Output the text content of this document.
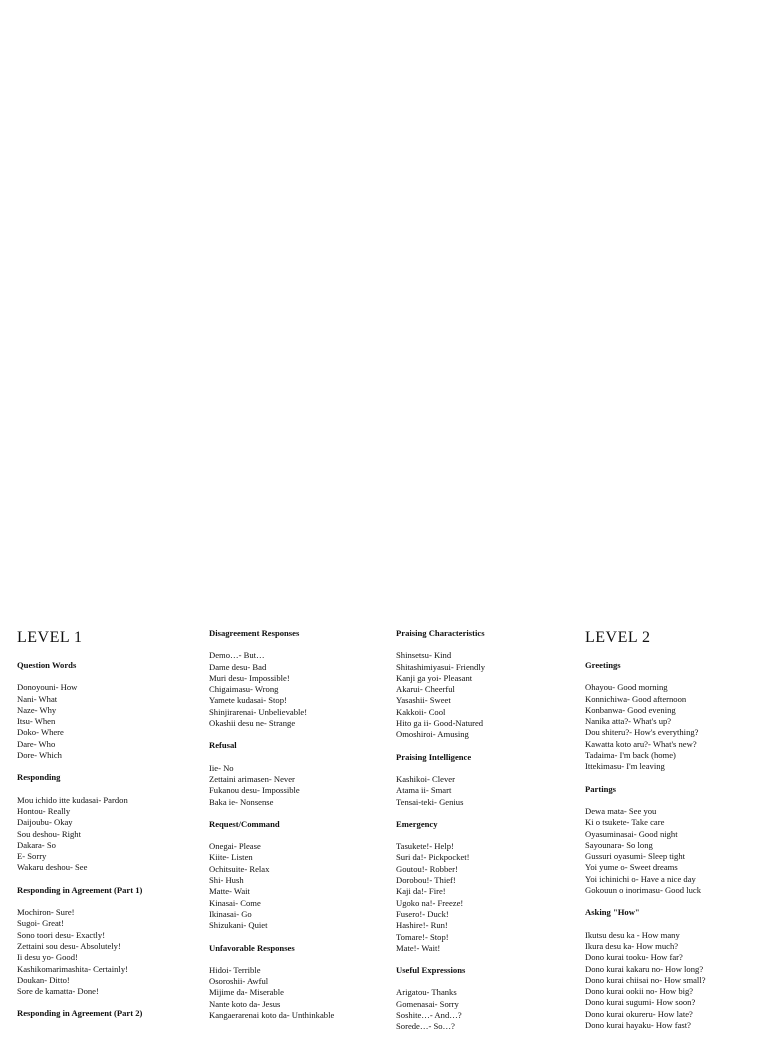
LEVEL 1
Question Words
Donoyouni- How
Nani- What
Naze- Why
Itsu- When
Doko- Where
Dare- Who
Dore- Which
Responding
Mou ichido itte kudasai- Pardon
Hontou- Really
Daijoubu- Okay
Sou deshou- Right
Dakara- So
E- Sorry
Wakaru deshou- See
Responding in Agreement (Part 1)
Mochiron- Sure!
Sugoi- Great!
Sono toori desu- Exactly!
Zettaini sou desu- Absolutely!
Ii desu yo- Good!
Kashikomarimashita- Certainly!
Doukan- Ditto!
Sore de kamatta- Done!
Responding in Agreement (Part 2)
Disagreement Responses
Demo…- But…
Dame desu- Bad
Muri desu- Impossible!
Chigaimasu- Wrong
Yamete kudasai- Stop!
Shinjirarenai- Unbelievable!
Okashii desu ne- Strange
Refusal
Iie- No
Zettaini arimasen- Never
Fukanou desu- Impossible
Baka ie- Nonsense
Request/Command
Onegai- Please
Kiite- Listen
Ochitsuite- Relax
Shi- Hush
Matte- Wait
Kinasai- Come
Ikinasai- Go
Shizukani- Quiet
Unfavorable Responses
Hidoi- Terrible
Osoroshii- Awful
Mijime da- Miserable
Nante koto da- Jesus
Kangaerarenai koto da- Unthinkable
Praising Characteristics
Shinsetsu- Kind
Shitashimiyasui- Friendly
Kanji ga yoi- Pleasant
Akarui- Cheerful
Yasashii- Sweet
Kakkoii- Cool
Hito ga ii- Good-Natured
Omoshiroi- Amusing
Praising Intelligence
Kashikoi- Clever
Atama ii- Smart
Tensai-teki- Genius
Emergency
Tasukete!- Help!
Suri da!- Pickpocket!
Goutou!- Robber!
Dorobou!- Thief!
Kaji da!- Fire!
Ugoko na!- Freeze!
Fusero!- Duck!
Hashire!- Run!
Tomare!- Stop!
Mate!- Wait!
Useful Expressions
Arigatou- Thanks
Gomenasai- Sorry
Soshite…- And…?
Sorede…- So…?
LEVEL 2
Greetings
Ohayou- Good morning
Konnichiwa- Good afternoon
Konbanwa- Good evening
Nanika atta?- What's up?
Dou shiteru?- How's everything?
Kawatta koto aru?- What's new?
Tadaima- I'm back (home)
Ittekimasu- I'm leaving
Partings
Dewa mata- See you
Ki o tsukete- Take care
Oyasuminasai- Good night
Sayounara- So long
Gussuri oyasumi- Sleep tight
Yoi yume o- Sweet dreams
Yoi ichinichi o- Have a nice day
Gokouun o inorimasu- Good luck
Asking "How"
Ikutsu desu ka - How many
Ikura desu ka- How much?
Dono kurai tooku- How far?
Dono kurai kakaru no- How long?
Dono kurai chiisai no- How small?
Dono kurai ookii no- How big?
Dono kurai sugumi- How soon?
Dono kurai okureru- How late?
Dono kurai hayaku- How fast?
